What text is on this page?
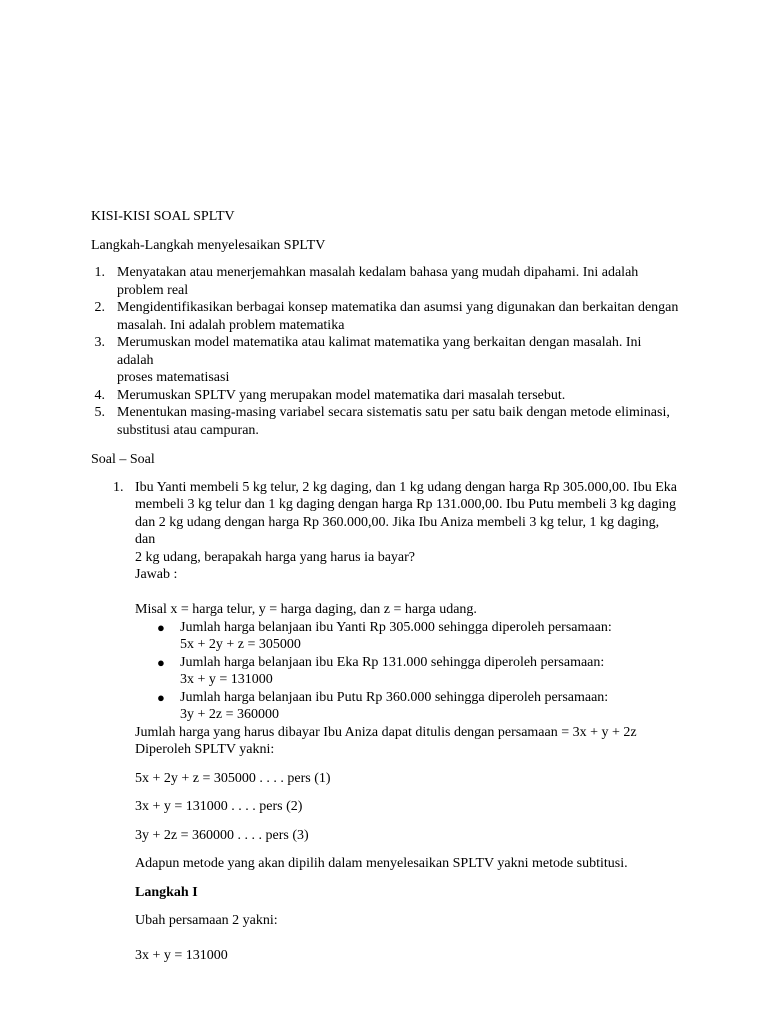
KISI-KISI SOAL SPLTV
Langkah-Langkah menyelesaikan SPLTV
1. Menyatakan atau menerjemahkan masalah kedalam bahasa yang mudah dipahami. Ini adalah
problem real
2. Mengidentifikasikan berbagai konsep matematika dan asumsi yang digunakan dan berkaitan dengan
masalah. Ini adalah problem matematika
3. Merumuskan model matematika atau kalimat matematika yang berkaitan dengan masalah. Ini adalah
proses matematisasi
4. Merumuskan SPLTV yang merupakan model matematika dari masalah tersebut.
5. Menentukan masing-masing variabel secara sistematis satu per satu baik dengan metode eliminasi,
substitusi atau campuran.
Soal – Soal
1. Ibu Yanti membeli 5 kg telur, 2 kg daging, dan 1 kg udang dengan harga Rp 305.000,00. Ibu Eka
membeli 3 kg telur dan 1 kg daging dengan harga Rp 131.000,00. Ibu Putu membeli 3 kg daging
dan 2 kg udang dengan harga Rp 360.000,00. Jika Ibu Aniza membeli 3 kg telur, 1 kg daging, dan
2 kg udang, berapakah harga yang harus ia bayar?
Jawab :
Misal x = harga telur, y = harga daging, dan z = harga udang.
● Jumlah harga belanjaan ibu Yanti Rp 305.000 sehingga diperoleh persamaan:
5x + 2y + z = 305000
● Jumlah harga belanjaan ibu Eka Rp 131.000 sehingga diperoleh persamaan:
3x + y = 131000
● Jumlah harga belanjaan ibu Putu Rp 360.000 sehingga diperoleh persamaan:
3y + 2z = 360000
Jumlah harga yang harus dibayar Ibu Aniza dapat ditulis dengan persamaan = 3x + y + 2z
Diperoleh SPLTV yakni:
5x + 2y + z = 305000 . . . . pers (1)
3x + y = 131000 . . . . pers (2)
3y + 2z = 360000 . . . . pers (3)
Adapun metode yang akan dipilih dalam menyelesaikan SPLTV yakni metode subtitusi.
Langkah I
Ubah persamaan 2 yakni:
3x + y = 131000
